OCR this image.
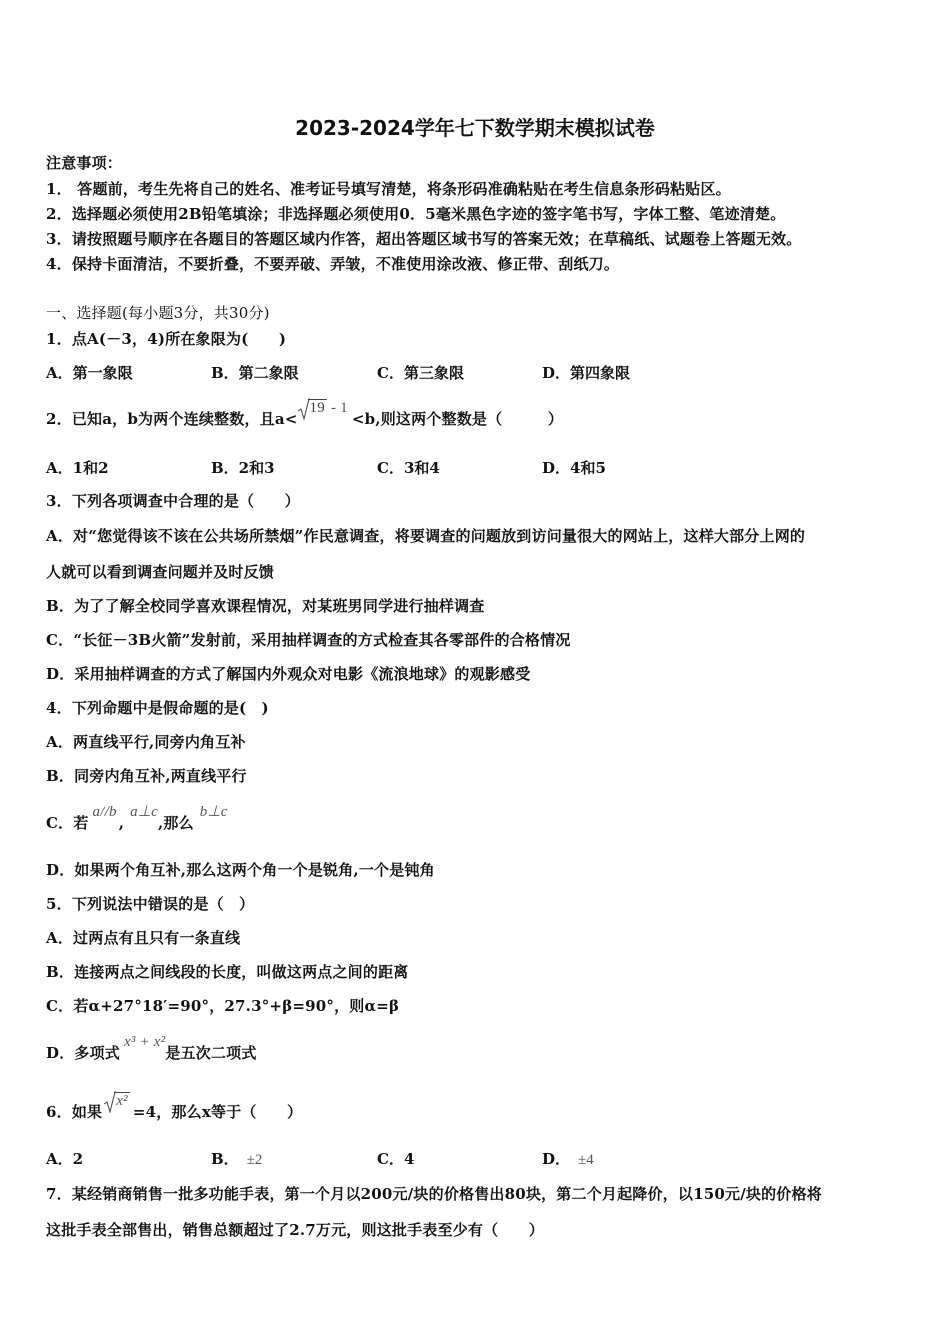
2023-2024学年七下数学期末模拟试卷
注意事项：
1． 答题前，考生先将自己的姓名、准考证号填写清楚，将条形码准确粘贴在考生信息条形码粘贴区。
2．选择题必须使用2B铅笔填涂；非选择题必须使用0．5毫米黑色字迹的签字笔书写，字体工整、笔迹清楚。
3．请按照题号顺序在各题目的答题区域内作答，超出答题区域书写的答案无效；在草稿纸、试题卷上答题无效。
4．保持卡面清洁，不要折叠，不要弄破、弄皱，不准使用涂改液、修正带、刮纸刀。
一、选择题(每小题3分，共30分)
1．点A(－3，4)所在象限为(　　)
A．第一象限	B．第二象限	C．第三象限	D．第四象限
2．已知a，b为两个连续整数，且a<
19 - 1<b,则这两个整数是（　　　）
A．1和2	B．2和3	C．3和4	D．4和5
3．下列各项调查中合理的是（　　）
A．对“您觉得该不该在公共场所禁烟”作民意调查，将要调查的问题放到访问量很大的网站上，这样大部分上网的
人就可以看到调查问题并及时反馈
B．为了了解全校同学喜欢课程情况，对某班男同学进行抽样调查
C．“长征－3B火箭”发射前，采用抽样调查的方式检查其各零部件的合格情况
D．采用抽样调查的方式了解国内外观众对电影《流浪地球》的观影感受
4．下列命题中是假命题的是(　)
A．两直线平行,同旁内角互补
B．同旁内角互补,两直线平行
C．若a//b,a⊥c,那么b⊥c
D．如果两个角互补,那么这两个角一个是锐角,一个是钝角
5．下列说法中错误的是（　）
A．过两点有且只有一条直线
B．连接两点之间线段的长度，叫做这两点之间的距离
C．若α+27°18′=90°，27.3°+β=90°，则α=β
D．多项式x³ + x²是五次二项式
6．如果
x²=4，那么x等于（　　）
A．2	B． ±2	C．4	D． ±4
7．某经销商销售一批多功能手表，第一个月以200元/块的价格售出80块，第二个月起降价，以150元/块的价格将
这批手表全部售出，销售总额超过了2.7万元，则这批手表至少有（　　）
